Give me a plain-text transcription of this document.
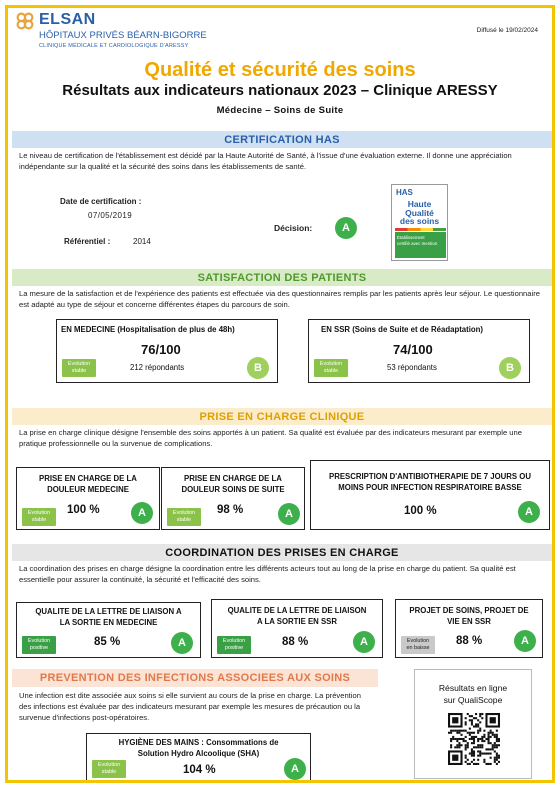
ELSAN
HÔPITAUX PRIVÉS BÉARN-BIGORRE
CLINIQUE MÉDICALE ET CARDIOLOGIQUE D'ARESSY
Diffusé le 19/02/2024
Qualité et sécurité des soins
Résultats aux indicateurs nationaux 2023 – Clinique ARESSY
Médecine – Soins de Suite
CERTIFICATION HAS
Le niveau de certification de l'établissement est décidé par la Haute Autorité de Santé, à l'issue d'une évaluation externe. Il donne une appréciation indépendante sur la qualité et la sécurité des soins dans les établissements de santé.
Date de certification :
07/05/2019
Référentiel :	2014
Décision:	A
HAS
Haute
Qualité
des soins
Établissement
certifié avec mention
SATISFACTION DES PATIENTS
La mesure de la satisfaction et de l'expérience des patients est effectuée via des questionnaires remplis par les patients après leur séjour. Le questionnaire est adapté au type de séjour et concerne différentes étapes du parcours de soin.
EN MEDECINE (Hospitalisation de plus de 48h)
76/100
212 répondants
Evolution stable	B
EN SSR (Soins de Suite et de Réadaptation)
74/100
53 répondants
Evolution stable	B
PRISE EN CHARGE CLINIQUE
La prise en charge clinique désigne l'ensemble des soins apportés à un patient. Sa qualité est évaluée par des indicateurs mesurant par exemple une pratique professionnelle ou la survenue de complications.
PRISE EN CHARGE DE LA
DOULEUR MEDECINE
100 %
Evolution stable
A
PRISE EN CHARGE DE LA
DOULEUR SOINS DE SUITE
98 %
Evolution stable	A
PRESCRIPTION D'ANTIBIOTHERAPIE DE 7 JOURS OU
MOINS POUR INFECTION RESPIRATOIRE BASSE
100 %	A
COORDINATION DES PRISES EN CHARGE
La coordination des prises en charge désigne la coordination entre les différents acteurs tout au long de la prise en charge du patient. Sa qualité est essentielle pour assurer la continuité, la sécurité et l'efficacité des soins.
QUALITE DE LA LETTRE DE LIAISON A
LA SORTIE EN MEDECINE
85 %
Evolution positive	A
QUALITE DE LA LETTRE DE LIAISON
A LA SORTIE EN SSR
88 %
Evolution positive	A
PROJET DE SOINS, PROJET DE
VIE EN SSR
88 %
Evolution en baisse
A
PREVENTION DES INFECTIONS ASSOCIEES AUX SOINS
Une infection est dite associée aux soins si elle survient au cours de la prise en charge. La prévention des infections est évaluée par des indicateurs mesurant par exemple les mesures de précaution ou la survenue d'infections post-opératoires.
HYGIÈNE DES MAINS : Consommations de
Solution Hydro Alcoolique (SHA)
104 %
Evolution stable	A
Résultats en ligne
sur QualiScope
